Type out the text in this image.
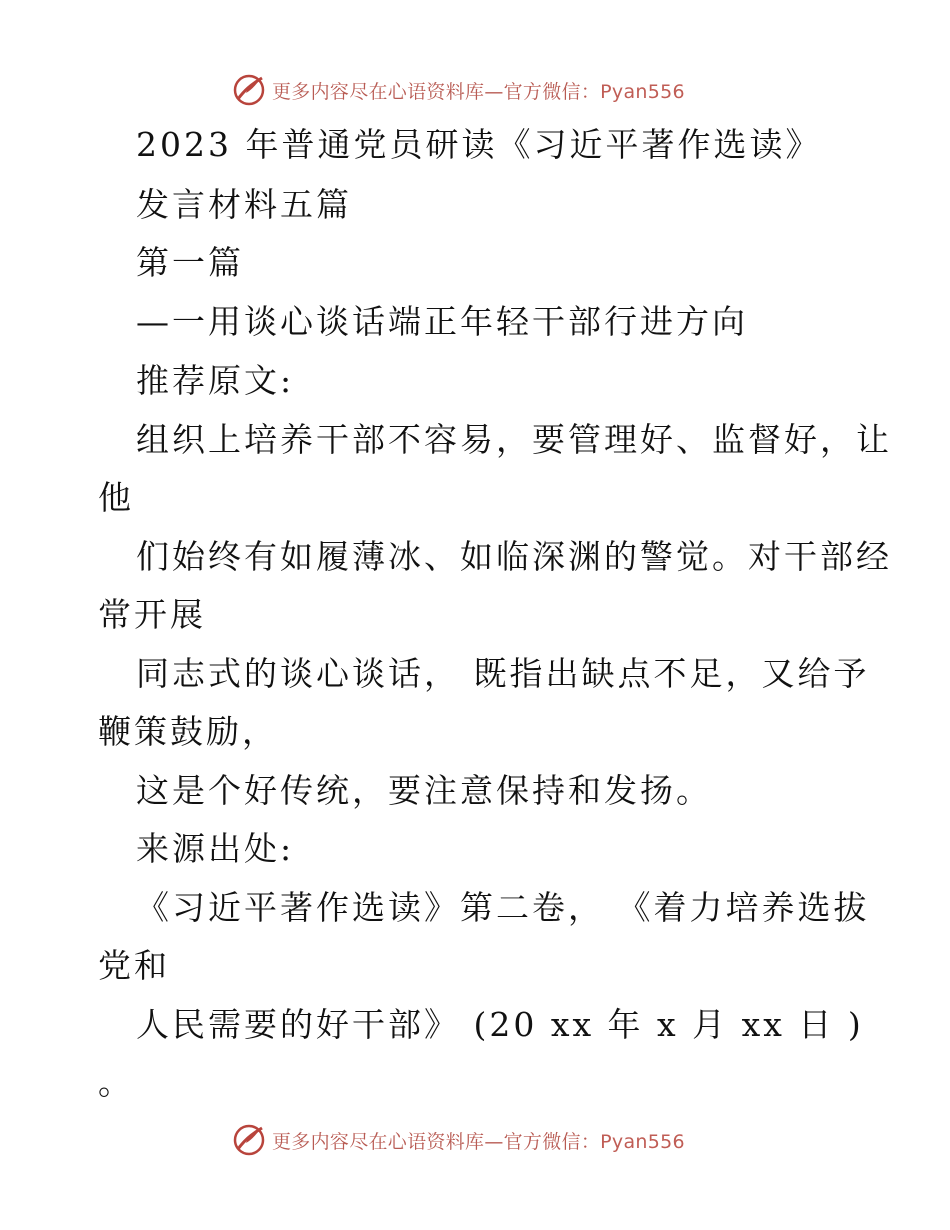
更多内容尽在心语资料库—官方微信：Pyan556
2023 年普通党员研读《习近平著作选读》
发言材料五篇
第一篇
—一用谈心谈话端正年轻干部行进方向
推荐原文:
组织上培养干部不容易，要管理好、监督好，让
他
们始终有如履薄冰、如临深渊的警觉。对干部经
常开展
同志式的谈心谈话， 既指出缺点不足，又给予
鞭策鼓励，
这是个好传统，要注意保持和发扬。
来源出处:
《习近平著作选读》第二卷， 《着力培养选拔
党和
人民需要的好干部》 (20 xx 年 x 月 xx 日 )
。
更多内容尽在心语资料库—官方微信：Pyan556
